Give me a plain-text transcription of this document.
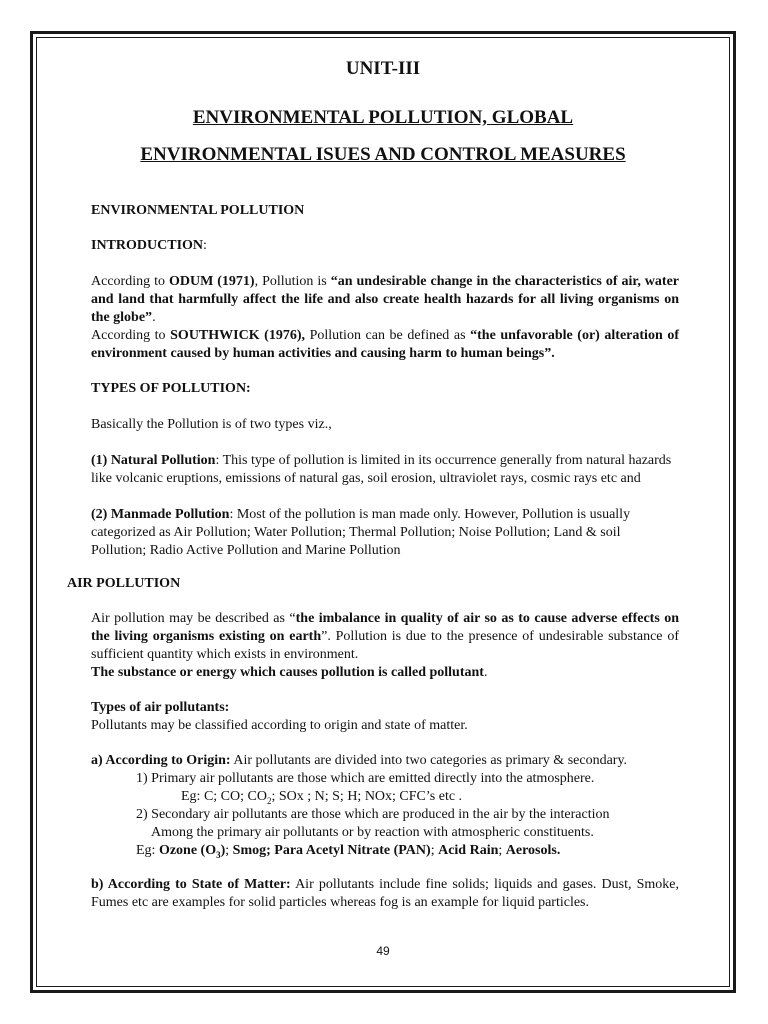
UNIT-III
ENVIRONMENTAL POLLUTION, GLOBAL
ENVIRONMENTAL ISUES AND CONTROL MEASURES
ENVIRONMENTAL POLLUTION
INTRODUCTION:

According to ODUM (1971), Pollution is “an undesirable change in the characteristics of air, water and land that harmfully affect the life and also create health hazards for all living organisms on the globe”.

According to SOUTHWICK (1976), Pollution can be defined as “the unfavorable (or) alteration of environment caused by human activities and causing harm to human beings”.

TYPES OF POLLUTION:
Basically the Pollution is of two types viz.,

(1) Natural Pollution: This type of pollution is limited in its occurrence generally from natural hazards like volcanic eruptions, emissions of natural gas, soil erosion, ultraviolet rays, cosmic rays etc and

(2) Manmade Pollution: Most of the pollution is man made only. However, Pollution is usually categorized as Air Pollution; Water Pollution; Thermal Pollution; Noise Pollution; Land & soil Pollution; Radio Active Pollution and Marine Pollution

AIR POLLUTION

Air pollution may be described as “the imbalance in quality of air so as to cause adverse effects on the living organisms existing on earth”. Pollution is due to the presence of undesirable substance of sufficient quantity which exists in environment.

The substance or energy which causes pollution is called pollutant.
Types of air pollutants:
Pollutants may be classified according to origin and state of matter.
a) According to Origin: Air pollutants are divided into two categories as primary & secondary.
1) Primary air pollutants are those which are emitted directly into the atmosphere.
Eg: C; CO; $CO_2$; SOx ; N; S; H; NOx; CFC’s etc .
2) Secondary air pollutants are those which are produced in the air by the interaction
Among the primary air pollutants or by reaction with atmospheric constituents.
Eg: Ozone $(O_3)$; Smog; Para Acetyl Nitrate (PAN); Acid Rain; Aerosols.

b) According to State of Matter: Air pollutants include fine solids; liquids and gases. Dust, Smoke, Fumes etc are examples for solid particles whereas fog is an example for liquid particles.

49
